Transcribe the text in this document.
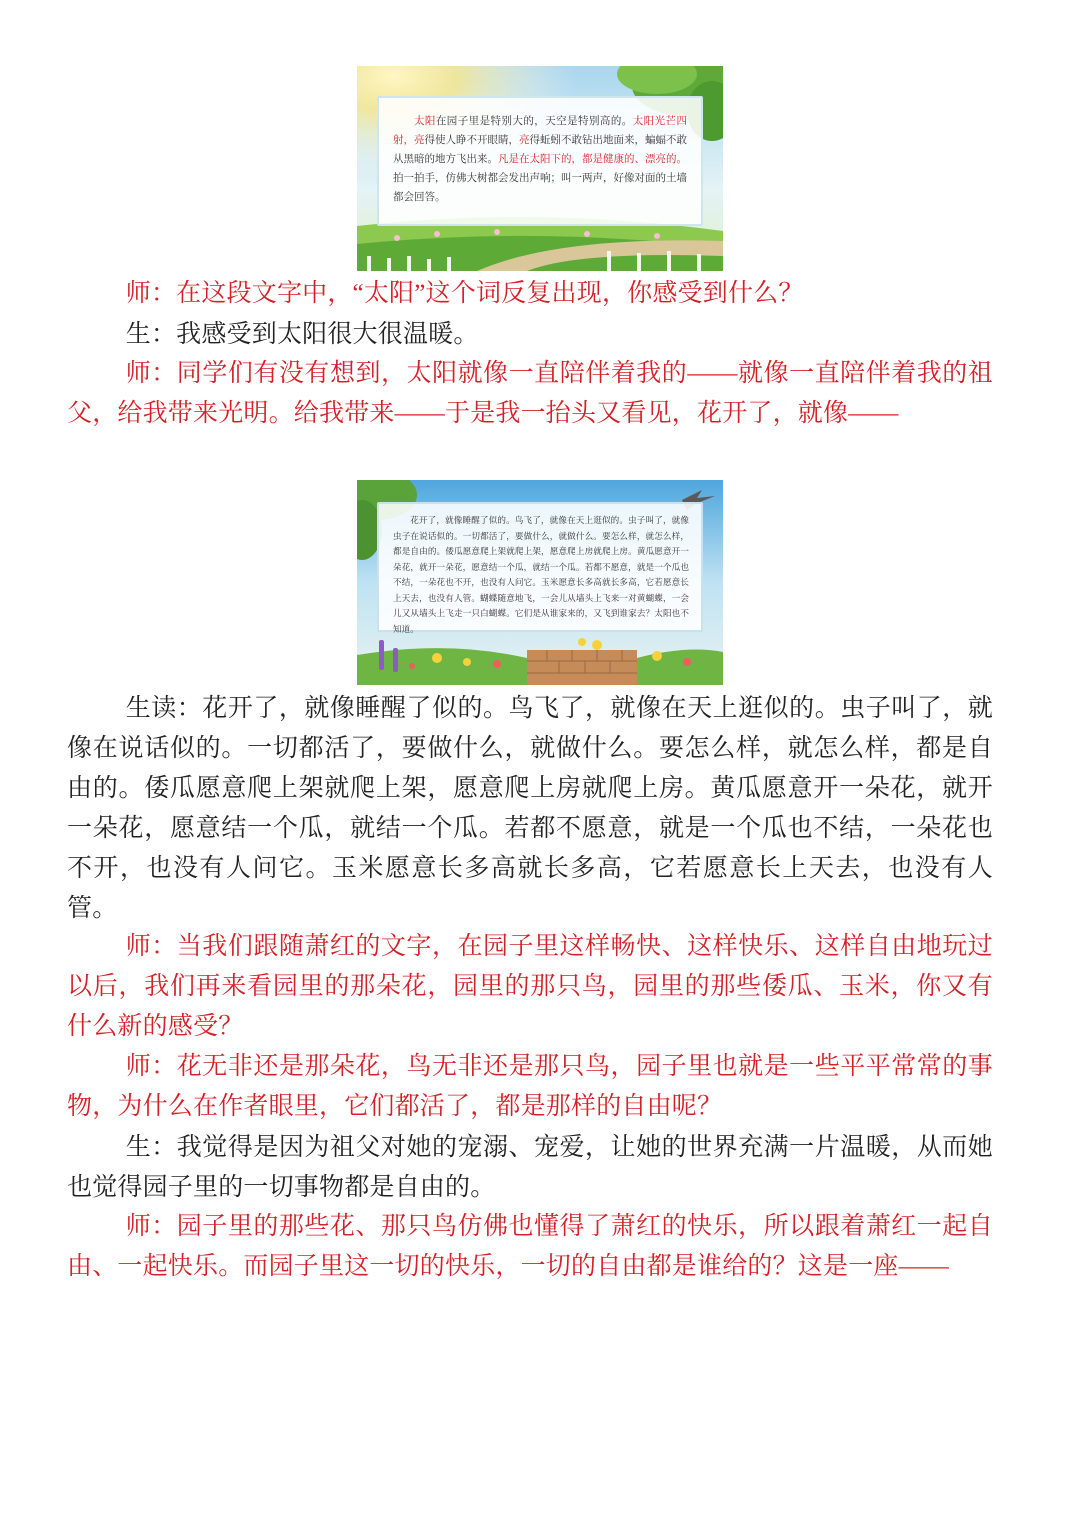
太阳在园子里是特别大的，天空是特别高的。太阳光芒四射，亮得使人睁不开眼睛，亮得蚯蚓不敢钻出地面来，蝙蝠不敢从黑暗的地方飞出来。凡是在太阳下的，都是健康的、漂亮的。拍一拍手，仿佛大树都会发出声响；叫一两声，好像对面的土墙都会回答。

师：在这段文字中，“太阳”这个词反复出现，你感受到什么？

生：我感受到太阳很大很温暖。

师：同学们有没有想到，太阳就像一直陪伴着我的——就像一直陪伴着我的祖父，给我带来光明。给我带来——于是我一抬头又看见，花开了，就像——

花开了，就像睡醒了似的。鸟飞了，就像在天上逛似的。虫子叫了，就像虫子在说话似的。一切都活了，要做什么，就做什么。要怎么样，就怎么样，都是自由的。倭瓜愿意爬上架就爬上架，愿意爬上房就爬上房。黄瓜愿意开一朵花，就开一朵花，愿意结一个瓜，就结一个瓜。若都不愿意，就是一个瓜也不结，一朵花也不开，也没有人问它。玉米愿意长多高就长多高，它若愿意长上天去，也没有人管。蝴蝶随意地飞，一会儿从墙头上飞来一对黄蝴蝶，一会儿又从墙头上飞走一只白蝴蝶。它们是从谁家来的，又飞到谁家去？太阳也不知道。

生读：花开了，就像睡醒了似的。鸟飞了，就像在天上逛似的。虫子叫了，就像在说话似的。一切都活了，要做什么，就做什么。要怎么样，就怎么样，都是自由的。倭瓜愿意爬上架就爬上架，愿意爬上房就爬上房。黄瓜愿意开一朵花，就开一朵花，愿意结一个瓜，就结一个瓜。若都不愿意，就是一个瓜也不结，一朵花也不开，也没有人问它。玉米愿意长多高就长多高，它若愿意长上天去，也没有人管。

师：当我们跟随萧红的文字，在园子里这样畅快、这样快乐、这样自由地玩过以后，我们再来看园里的那朵花，园里的那只鸟，园里的那些倭瓜、玉米，你又有什么新的感受？

师：花无非还是那朵花，鸟无非还是那只鸟，园子里也就是一些平平常常的事物，为什么在作者眼里，它们都活了，都是那样的自由呢？

生：我觉得是因为祖父对她的宠溺、宠爱，让她的世界充满一片温暖，从而她也觉得园子里的一切事物都是自由的。

师：园子里的那些花、那只鸟仿佛也懂得了萧红的快乐，所以跟着萧红一起自由、一起快乐。而园子里这一切的快乐，一切的自由都是谁给的？这是一座——
